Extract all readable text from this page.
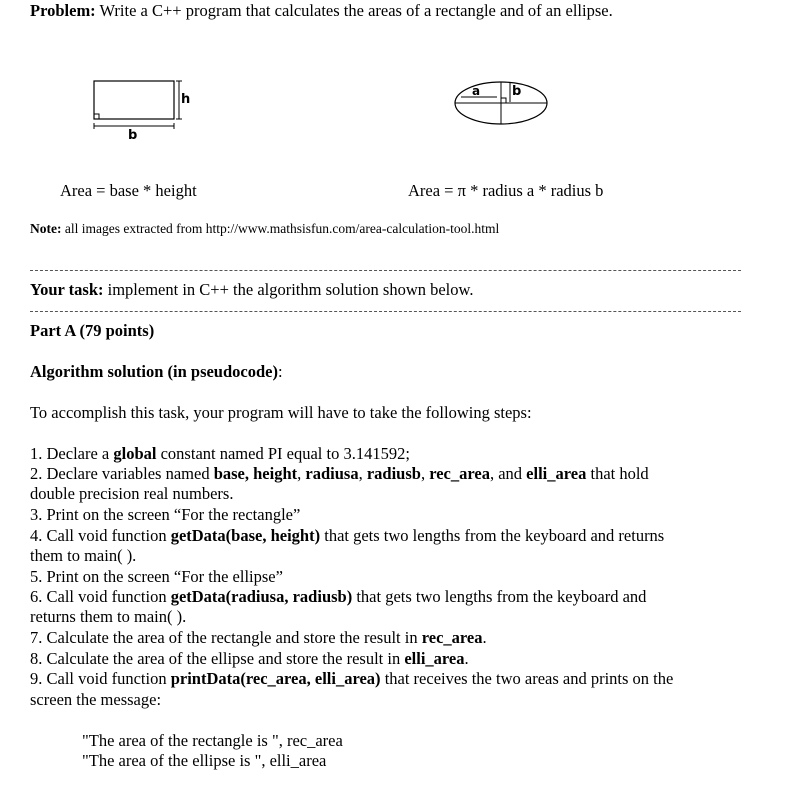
Problem: Write a C++ program that calculates the areas of a rectangle and of an ellipse.
h
b
a b
Area = base * height	Area = π * radius a * radius b
Note: all images extracted from http://www.mathsisfun.com/area-calculation-tool.html
Your task: implement in C++ the algorithm solution shown below.
Part A (79 points)
Algorithm solution (in pseudocode):
To accomplish this task, your program will have to take the following steps:
1. Declare a global constant named PI equal to 3.141592;
2. Declare variables named base, height, radiusa, radiusb, rec_area, and elli_area that hold
double precision real numbers.
3. Print on the screen “For the rectangle”
4. Call void function getData(base, height) that gets two lengths from the keyboard and returns
them to main( ).
5. Print on the screen “For the ellipse”
6. Call void function getData(radiusa, radiusb) that gets two lengths from the keyboard and
returns them to main( ).
7. Calculate the area of the rectangle and store the result in rec_area.
8. Calculate the area of the ellipse and store the result in elli_area.
9. Call void function printData(rec_area, elli_area) that receives the two areas and prints on the
screen the message:
"The area of the rectangle is ", rec_area
"The area of the ellipse is ", elli_area
